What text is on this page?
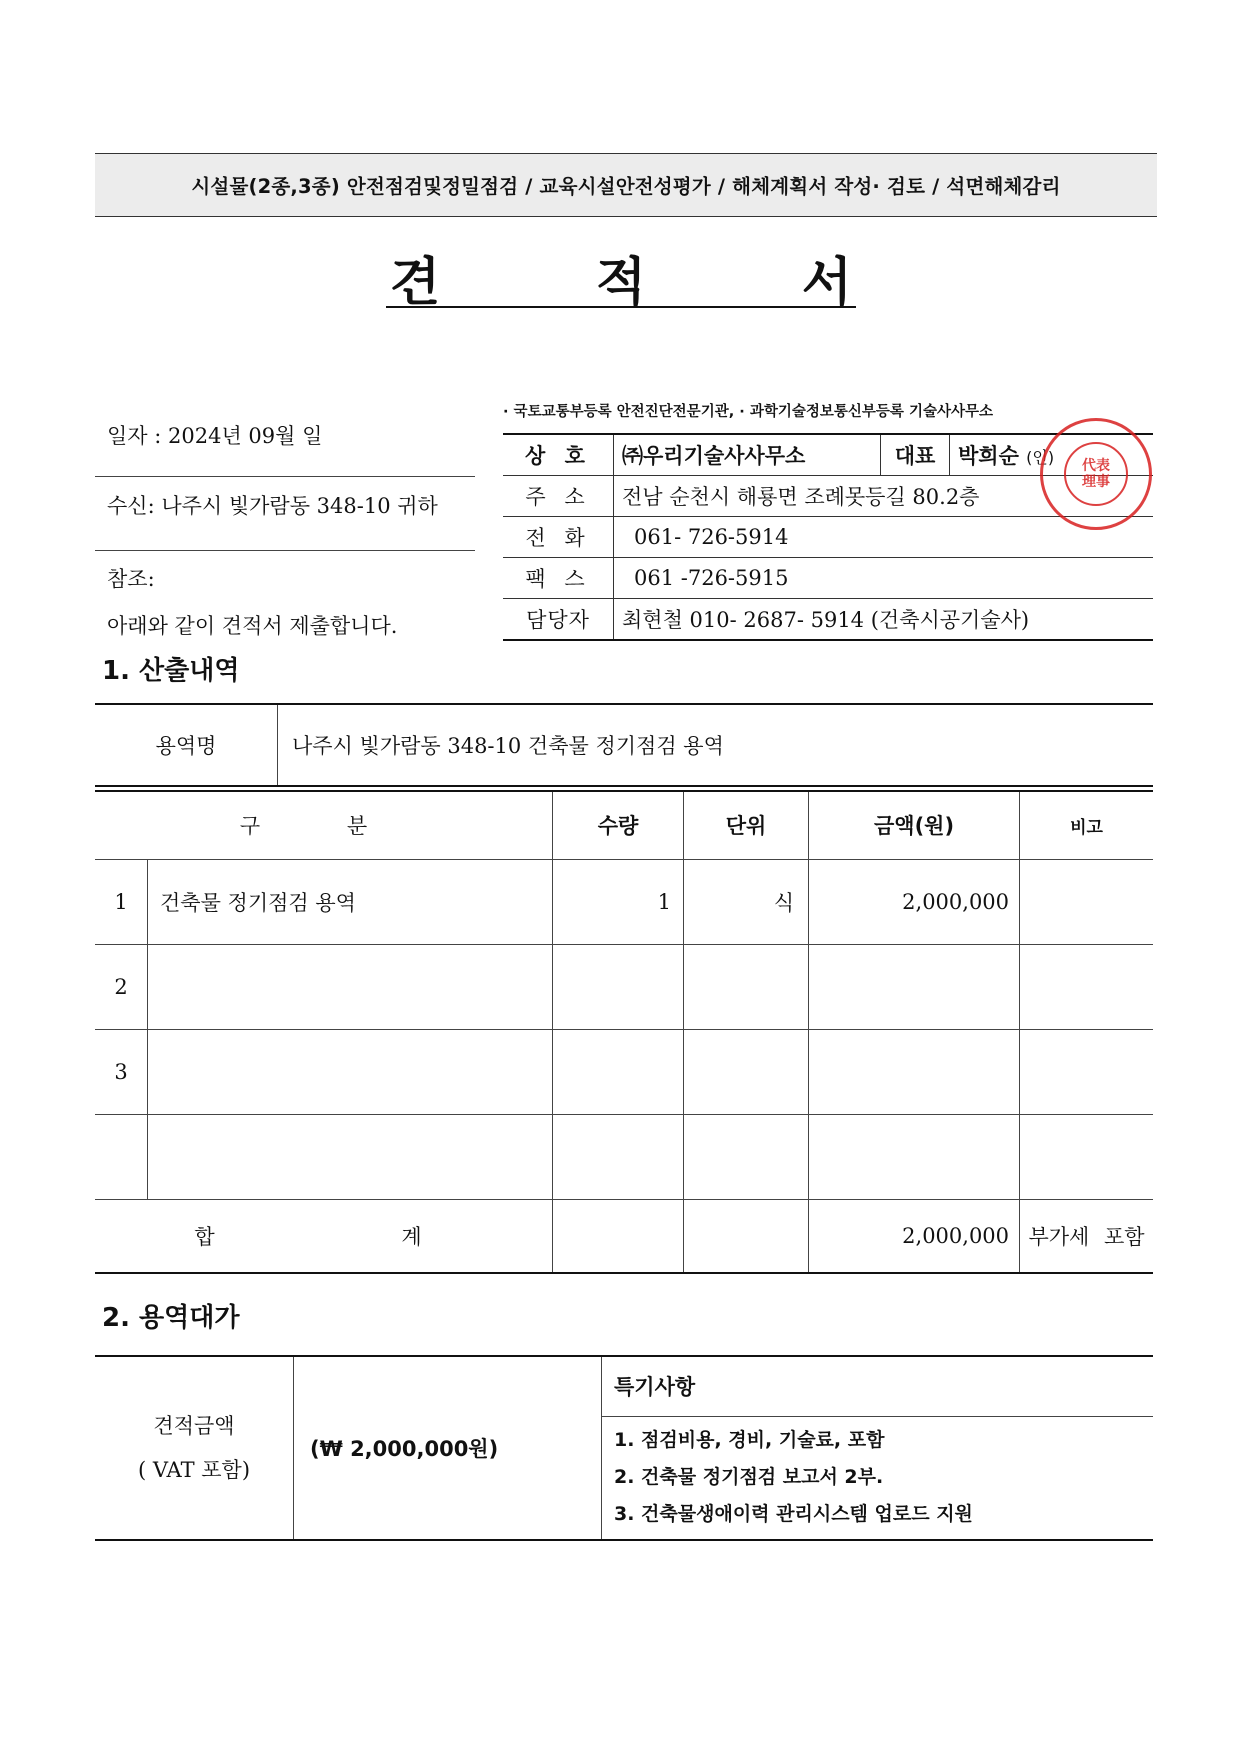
시설물(2종,3종) 안전점검및정밀점검 / 교육시설안전성평가 / 해체계획서 작성· 검토 / 석면해체감리
견	적	서
일자 : 2024년 09월 일
수신: 나주시 빛가람동 348-10 귀하
참조:
아래와 같이 견적서 제출합니다.
· 국토교통부등록 안전진단전문기관, · 과학기술정보통신부등록 기술사사무소
상 호	㈜우리기술사사무소	대표	박희순 (인)
주 소	전남 순천시 해룡면 조례못등길 80.2층		
전 화	061- 726-5914		
팩 스	061 -726-5915		
담당자	최현철 010- 2687- 5914 (건축시공기술사)		
代表理事
1. 산출내역
용역명	나주시 빛가람동 348-10 건축물 정기점검 용역
구 분		수량	단위	금액(원)	비고
1	건축물 정기점검 용역	1	식	2,000,000	
2					
3					

합 계				2,000,000	부가세 포함
2. 용역대가
견적금액
( VAT 포함)
	(₩ 2,000,000원)	특기사항

1. 점검비용, 경비, 기술료, 포함
2. 건축물 정기점검 보고서 2부.
3. 건축물생애이력 관리시스템 업로드 지원
